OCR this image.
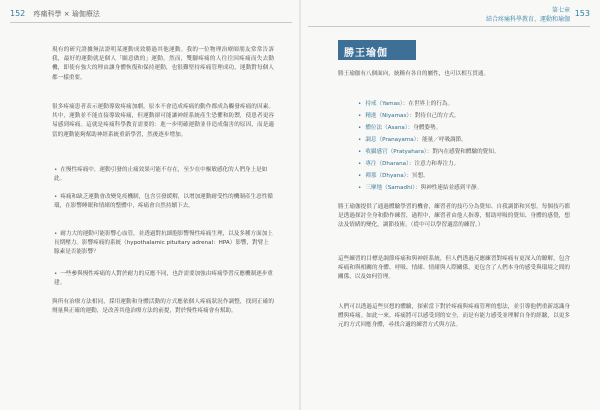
152 疼痛科學 × 瑜伽療法

現有的研究證據無法證明某運動成效勝過其他運動。我的一位物理治療師朋友常常告訴我，最好的運動就是個人「願意做的」運動。然而，雙腳疼痛的人往往因疼痛而失去動機，即使有強大的理由讓身體恢復和保持運動，也很難堅持疼痛管理成功，運動對每個人都一樣重要。

很多疼痛患者表示運動導致疼痛加劇，原本不會造成疼痛的動作都成為觸發疼痛的因素。其中，運動並不能直接導致疼痛，但運動卻可能讓神經系統產生恐懼和防禦，使患者更容易感到疼痛。這就是疼痛科學教育需要的：進一步明確運動並非造成傷害的原因，而是適當的運動能夠幫助神經系統重新學習，然後逐步增加。

• 在慢性疼痛中，運動引發的止痛效果可能不存在，至少在中樞敏感化的人們身上是如此。
• 疼痛和缺乏運動會改變免疫機制，包含引發緩解，以增加運動耐受性的機制產生惡性循環，在影響睡眠和情緒的整體中，疼痛會自然持續下去。
• 耐力大的運動可能影響心血管，並透過對抗細胞影響慢性疼痛生理，以及多種方面加上長期壓力。影響疼痛的系統（hypothalamic pituitary adrenal：HPA）影響，對臂上腺素是否能影響？
• 一些參與慢性疼痛的人對於耐力的反應不同，也許需要加強由疼痛學習反應機制逐步重建。

與所有治療方法相同，採用運動和身體活動的方式應依個人疼痛狀況作調整，找到正確的劑量與正確的運動，是改善其他治療方法的前提，對於慢性疼痛會有幫助。

第七章
結合疼痛科學教育、運動和瑜伽
153
勝王瑜伽

勝王瑜伽有八個面向，統稱有各自的屬性，也可以相互貫通。

• 持戒（Yamas）：在世界上的行為。
• 精進（Niyamas）：對待自己的方式。
• 體位法（Asana）：身體姿勢。
• 調息（Pranayama）：能量／呼吸調節。
• 收攝感官（Pratyahara）：對內在感覺和體驗的覺知。
• 專注（Dharana）：注意力和專注力。
• 禪那（Dhyana）：冥想。
• 三摩地（Samadhi）：與神性連結並感到平靜。

勝王瑜伽提供了通過體驗學習的機會，練習者的技巧分為覺知、自我調節和冥想，每個技巧都是透過探討全身和動作練習，過程中，練習者由他人指導，幫助呼吸的覺知、身體的感覺，想法及情緒的變化，調節技術。（從中可以學習適當的練習。）

這些練習的目標是調節疼痛和與神經系統，但人們透過反應練習對疼痛有更深入的瞭解，包含疼痛和與相關的身體、呼吸、情緒、情緒與人際關係，更包含了人們本身的感受與環境之間的關係，以及如何管理。

人們可以透過這些冥想的體驗，探索當下對於疼痛與疼痛管理的想法，並引導他們重新認識身體與疼痛。如此一來，疼痛將可以感受到的安全，而是有能力感受並理解自身的經驗，以更多元的方式回應身體，尋找合適的練習方式與方法。
